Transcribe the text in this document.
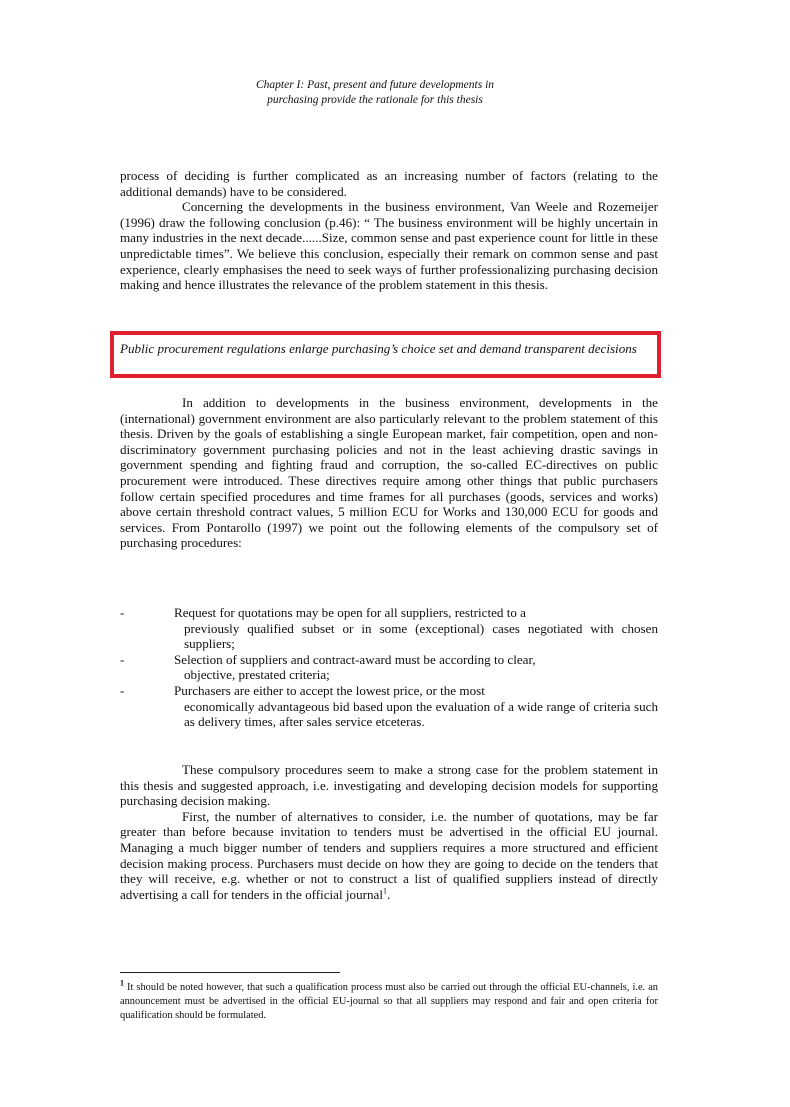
Chapter I: Past, present and future developments in
purchasing provide the rationale for this thesis

process of deciding is further complicated as an increasing number of factors (relating to the additional demands) have to be considered.

Concerning the developments in the business environment, Van Weele and Rozemeijer (1996) draw the following conclusion (p.46): “ The business environment will be highly uncertain in many industries in the next decade......Size, common sense and past experience count for little in these unpredictable times”. We believe this conclusion, especially their remark on common sense and past experience, clearly emphasises the need to seek ways of further professionalizing purchasing decision making and hence illustrates the relevance of the problem statement in this thesis.

Public procurement regulations enlarge purchasing’s choice set and demand transparent decisions

In addition to developments in the business environment, developments in the (international) government environment are also particularly relevant to the problem statement of this thesis. Driven by the goals of establishing a single European market, fair competition, open and non-discriminatory government purchasing policies and not in the least achieving drastic savings in government spending and fighting fraud and corruption, the so-called EC-directives on public procurement were introduced. These directives require among other things that public purchasers follow certain specified procedures and time frames for all purchases (goods, services and works) above certain threshold contract values, 5 million ECU for Works and 130,000 ECU for goods and services. From Pontarollo (1997) we point out the following elements of the compulsory set of purchasing procedures:

-	Request for quotations may be open for all suppliers, restricted to a
previously qualified subset or in some (exceptional) cases negotiated with chosen suppliers;
-	Selection of suppliers and contract-award must be according to clear,
objective, prestated criteria;
-	Purchasers are either to accept the lowest price, or the most
economically advantageous bid based upon the evaluation of a wide range of criteria such as delivery times, after sales service etceteras.

These compulsory procedures seem to make a strong case for the problem statement in this thesis and suggested approach, i.e. investigating and developing decision models for supporting purchasing decision making.

First, the number of alternatives to consider, i.e. the number of quotations, may be far greater than before because invitation to tenders must be advertised in the official EU journal. Managing a much bigger number of tenders and suppliers requires a more structured and efficient decision making process. Purchasers must decide on how they are going to decide on the tenders that they will receive, e.g. whether or not to construct a list of qualified suppliers instead of directly advertising a call for tenders in the official journal$^1$.

$^1$ It should be noted however, that such a qualification process must also be carried out through the official EU-channels, i.e. an announcement must be advertised in the official EU-journal so that all suppliers may respond and fair and open criteria for qualification should be formulated.
